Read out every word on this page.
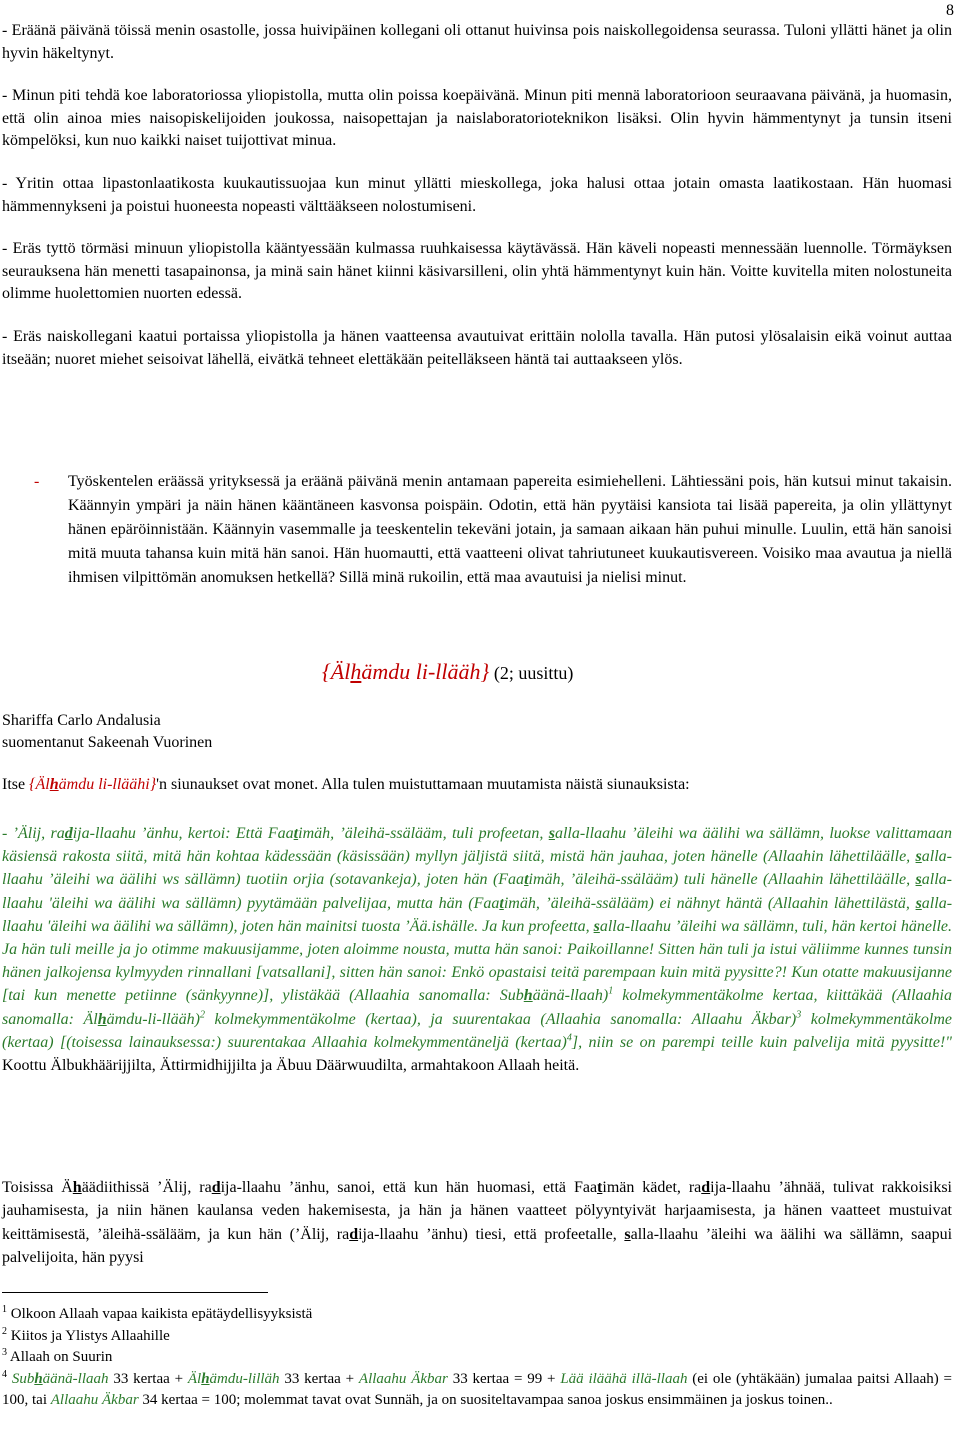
8

- Eräänä päivänä töissä menin osastolle, jossa huivipäinen kollegani oli ottanut huivinsa pois naiskollegoidensa seurassa. Tuloni yllätti hänet ja olin hyvin häkeltynyt.

- Minun piti tehdä koe laboratoriossa yliopistolla, mutta olin poissa koepäivänä. Minun piti mennä laboratorioon seuraavana päivänä, ja huomasin, että olin ainoa mies naisopiskelijoiden joukossa, naisopettajan ja naislaboratorioteknikon lisäksi. Olin hyvin hämmentynyt ja tunsin itseni kömpelöksi, kun nuo kaikki naiset tuijottivat minua.

- Yritin ottaa lipastonlaatikosta kuukautissuojaa kun minut yllätti mieskollega, joka halusi ottaa jotain omasta laatikostaan. Hän huomasi hämmennykseni ja poistui huoneesta nopeasti välttääkseen nolostumiseni.

- Eräs tyttö törmäsi minuun yliopistolla kääntyessään kulmassa ruuhkaisessa käytävässä. Hän käveli nopeasti mennessään luennolle. Törmäyksen seurauksena hän menetti tasapainonsa, ja minä sain hänet kiinni käsivarsilleni, olin yhtä hämmentynyt kuin hän. Voitte kuvitella miten nolostuneita olimme huolettomien nuorten edessä.

- Eräs naiskollegani kaatui portaissa yliopistolla ja hänen vaatteensa avautuivat erittäin nololla tavalla. Hän putosi ylösalaisin eikä voinut auttaa itseään; nuoret miehet seisoivat lähellä, eivätkä tehneet elettäkään peitelläkseen häntä tai auttaakseen ylös.

- Työskentelen eräässä yrityksessä ja eräänä päivänä menin antamaan papereita esimiehelleni. Lähtiessäni pois, hän kutsui minut takaisin. Käännyin ympäri ja näin hänen kääntäneen kasvonsa poispäin. Odotin, että hän pyytäisi kansiota tai lisää papereita, ja olin yllättynyt hänen epäröinnistään. Käännyin vasemmalle ja teeskentelin tekeväni jotain, ja samaan aikaan hän puhui minulle. Luulin, että hän sanoisi mitä muuta tahansa kuin mitä hän sanoi. Hän huomautti, että vaatteeni olivat tahriutuneet kuukautisvereen. Voisiko maa avautua ja niellä ihmisen vilpittömän anomuksen hetkellä? Sillä minä rukoilin, että maa avautuisi ja nielisi minut.
{Älhämdu li-llääh} (2; uusittu)
Shariffa Carlo Andalusia
suomentanut Sakeenah Vuorinen
Itse {Älhämdu li-lläähi}'n siunaukset ovat monet. Alla tulen muistuttamaan muutamista näistä siunauksista:
- ’Älij, radija-llaahu ’änhu, kertoi: Että Faatimäh, ’äleihä-ssälääm, tuli profeetan, salla-llaahu ’äleihi wa äälihi wa sällämn, luokse valittamaan käsiensä rakosta siitä, mitä hän kohtaa kädessään (käsissään) myllyn jäljistä siitä, mistä hän jauhaa, joten hänelle (Allaahin lähettiläälle, salla-llaahu ’äleihi wa äälihi ws sällämn) tuotiin orjia (sotavankeja), joten hän (Faatimäh, ’äleihä-ssälääm) tuli hänelle (Allaahin lähettiläälle, salla-llaahu 'äleihi wa äälihi wa sällämn) pyytämään palvelijaa, mutta hän (Faatimäh, ’äleihä-ssälääm) ei nähnyt häntä (Allaahin lähettilästä, salla-llaahu 'äleihi wa äälihi wa sällämn), joten hän mainitsi tuosta ’Ää.ishälle. Ja kun profeetta, salla-llaahu ’äleihi wa sällämn, tuli, hän kertoi hänelle. Ja hän tuli meille ja jo otimme makuusijamme, joten aloimme nousta, mutta hän sanoi: Paikoillanne! Sitten hän tuli ja istui väliimme kunnes tunsin hänen jalkojensa kylmyyden rinnallani [vatsallani], sitten hän sanoi: Enkö opastaisi teitä parempaan kuin mitä pyysitte?! Kun otatte makuusijanne [tai kun menette petiinne (sänkyynne)], ylistäkää (Allaahia sanomalla: Subhäänä-llaah)$^1$ kolmekymmentäkolme kertaa, kiittäkää (Allaahia sanomalla: Älhämdu-li-llääh)$^2$ kolmekymmentäkolme (kertaa), ja suurentakaa (Allaahia sanomalla: Allaahu Äkbar)$^3$ kolmekymmentäkolme (kertaa) [(toisessa lainauksessa:) suurentakaa Allaahia kolmekymmentäneljä (kertaa)$^4$], niin se on parempi teille kuin palvelija mitä pyysitte!" Koottu Älbukhäärijjilta, Ättirmidhijjilta ja Äbuu Däärwuudilta, armahtakoon Allaah heitä.
Toisissa Ähäädiithissä ’Älij, radija-llaahu ’änhu, sanoi, että kun hän huomasi, että Faatimän kädet, radija-llaahu ’ähnää, tulivat rakkoisiksi jauhamisesta, ja niin hänen kaulansa veden hakemisesta, ja hän ja hänen vaatteet pölyyntyivät harjaamisesta, ja hänen vaatteet mustuivat keittämisestä, ’äleihä-ssälääm, ja kun hän (’Älij, radija-llaahu ’änhu) tiesi, että profeetalle, salla-llaahu ’äleihi wa äälihi wa sällämn, saapui palvelijoita, hän pyysi
$^1$ Olkoon Allaah vapaa kaikista epätäydellisyyksistä
$^2$ Kiitos ja Ylistys Allaahille
$^3$ Allaah on Suurin
$^4$ Subhäänä-llaah 33 kertaa + Älhämdu-lilläh 33 kertaa + Allaahu Äkbar 33 kertaa = 99 + Lää iläähä illä-llaah (ei ole (yhtäkään) jumalaa paitsi Allaah) = 100, tai Allaahu Äkbar 34 kertaa = 100; molemmat tavat ovat Sunnäh, ja on suositeltavampaa sanoa joskus ensimmäinen ja joskus toinen..
